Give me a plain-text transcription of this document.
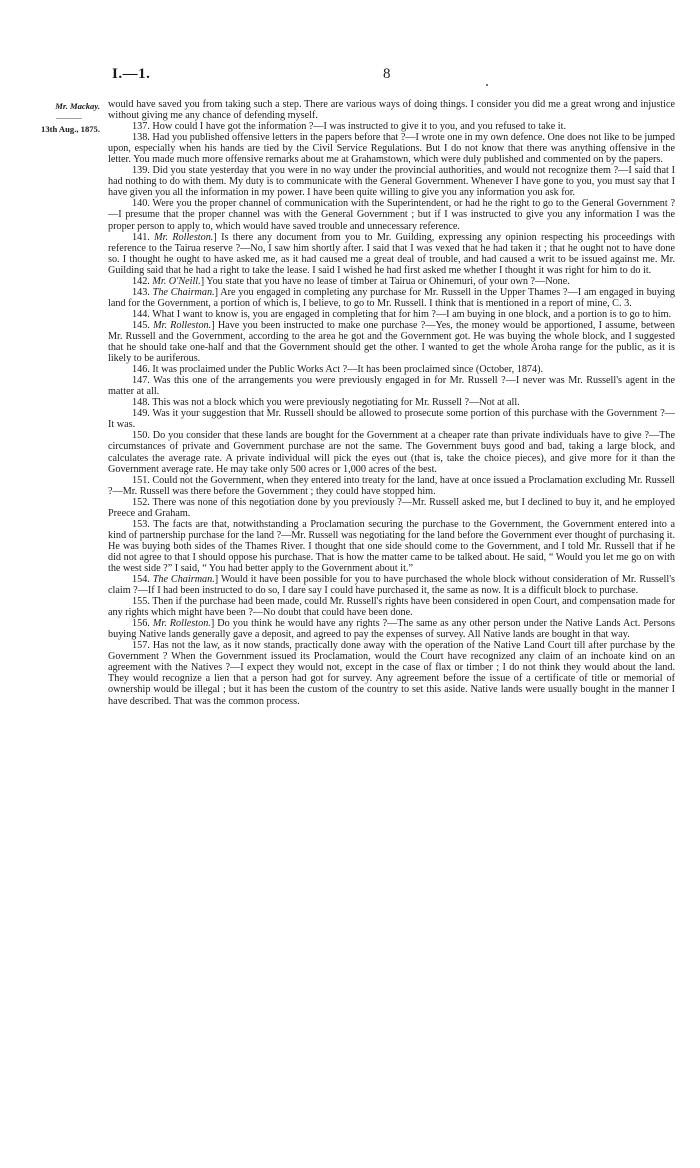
I.—1.	8
Mr. Mackay.
———
13th Aug., 1875.

would have saved you from taking such a step. There are various ways of doing things. I consider you did me a great wrong and injustice without giving me any chance of defending myself.

137. How could I have got the information ?—I was instructed to give it to you, and you refused to take it.

138. Had you published offensive letters in the papers before that ?—I wrote one in my own defence. One does not like to be jumped upon, especially when his hands are tied by the Civil Service Regulations. But I do not know that there was anything offensive in the letter. You made much more offensive remarks about me at Grahamstown, which were duly published and commented on by the papers.

139. Did you state yesterday that you were in no way under the provincial authorities, and would not recognize them ?—I said that I had nothing to do with them. My duty is to communicate with the General Government. Whenever I have gone to you, you must say that I have given you all the information in my power. I have been quite willing to give you any information you ask for.

140. Were you the proper channel of communication with the Superintendent, or had he the right to go to the General Government ?—I presume that the proper channel was with the General Government ; but if I was instructed to give you any information I was the proper person to apply to, which would have saved trouble and unnecessary reference.

141. Mr. Rolleston.] Is there any document from you to Mr. Guilding, expressing any opinion respecting his proceedings with reference to the Tairua reserve ?—No, I saw him shortly after. I said that I was vexed that he had taken it ; that he ought not to have done so. I thought he ought to have asked me, as it had caused me a great deal of trouble, and had caused a writ to be issued against me. Mr. Guilding said that he had a right to take the lease. I said I wished he had first asked me whether I thought it was right for him to do it.

142. Mr. O'Neill.] You state that you have no lease of timber at Tairua or Ohinemuri, of your own ?—None.

143. The Chairman.] Are you engaged in completing any purchase for Mr. Russell in the Upper Thames ?—I am engaged in buying land for the Government, a portion of which is, I believe, to go to Mr. Russell. I think that is mentioned in a report of mine, C. 3.

144. What I want to know is, you are engaged in completing that for him ?—I am buying in one block, and a portion is to go to him.

145. Mr. Rolleston.] Have you been instructed to make one purchase ?—Yes, the money would be apportioned, I assume, between Mr. Russell and the Government, according to the area he got and the Government got. He was buying the whole block, and I suggested that he should take one-half and that the Government should get the other. I wanted to get the whole Aroha range for the public, as it is likely to be auriferous.

146. It was proclaimed under the Public Works Act ?—It has been proclaimed since (October, 1874).

147. Was this one of the arrangements you were previously engaged in for Mr. Russell ?—I never was Mr. Russell's agent in the matter at all.

148. This was not a block which you were previously negotiating for Mr. Russell ?—Not at all.

149. Was it your suggestion that Mr. Russell should be allowed to prosecute some portion of this purchase with the Government ?—It was.

150. Do you consider that these lands are bought for the Government at a cheaper rate than private individuals have to give ?—The circumstances of private and Government purchase are not the same. The Government buys good and bad, taking a large block, and calculates the average rate. A private individual will pick the eyes out (that is, take the choice pieces), and give more for it than the Government average rate. He may take only 500 acres or 1,000 acres of the best.

151. Could not the Government, when they entered into treaty for the land, have at once issued a Proclamation excluding Mr. Russell ?—Mr. Russell was there before the Government ; they could have stopped him.

152. There was none of this negotiation done by you previously ?—Mr. Russell asked me, but I declined to buy it, and he employed Preece and Graham.

153. The facts are that, notwithstanding a Proclamation securing the purchase to the Government, the Government entered into a kind of partnership purchase for the land ?—Mr. Russell was negotiating for the land before the Government ever thought of purchasing it. He was buying both sides of the Thames River. I thought that one side should come to the Government, and I told Mr. Russell that if he did not agree to that I should oppose his purchase. That is how the matter came to be talked about. He said, “ Would you let me go on with the west side ?” I said, “ You had better apply to the Government about it.”

154. The Chairman.] Would it have been possible for you to have purchased the whole block without consideration of Mr. Russell's claim ?—If I had been instructed to do so, I dare say I could have purchased it, the same as now. It is a difficult block to purchase.

155. Then if the purchase had been made, could Mr. Russell's rights have been considered in open Court, and compensation made for any rights which might have been ?—No doubt that could have been done.

156. Mr. Rolleston.] Do you think he would have any rights ?—The same as any other person under the Native Lands Act. Persons buying Native lands generally gave a deposit, and agreed to pay the expenses of survey. All Native lands are bought in that way.

157. Has not the law, as it now stands, practically done away with the operation of the Native Land Court till after purchase by the Government ? When the Government issued its Proclamation, would the Court have recognized any claim of an inchoate kind on an agreement with the Natives ?—I expect they would not, except in the case of flax or timber ; I do not think they would about the land. They would recognize a lien that a person had got for survey. Any agreement before the issue of a certificate of title or memorial of ownership would be illegal ; but it has been the custom of the country to set this aside. Native lands were usually bought in the manner I have described. That was the common process.
